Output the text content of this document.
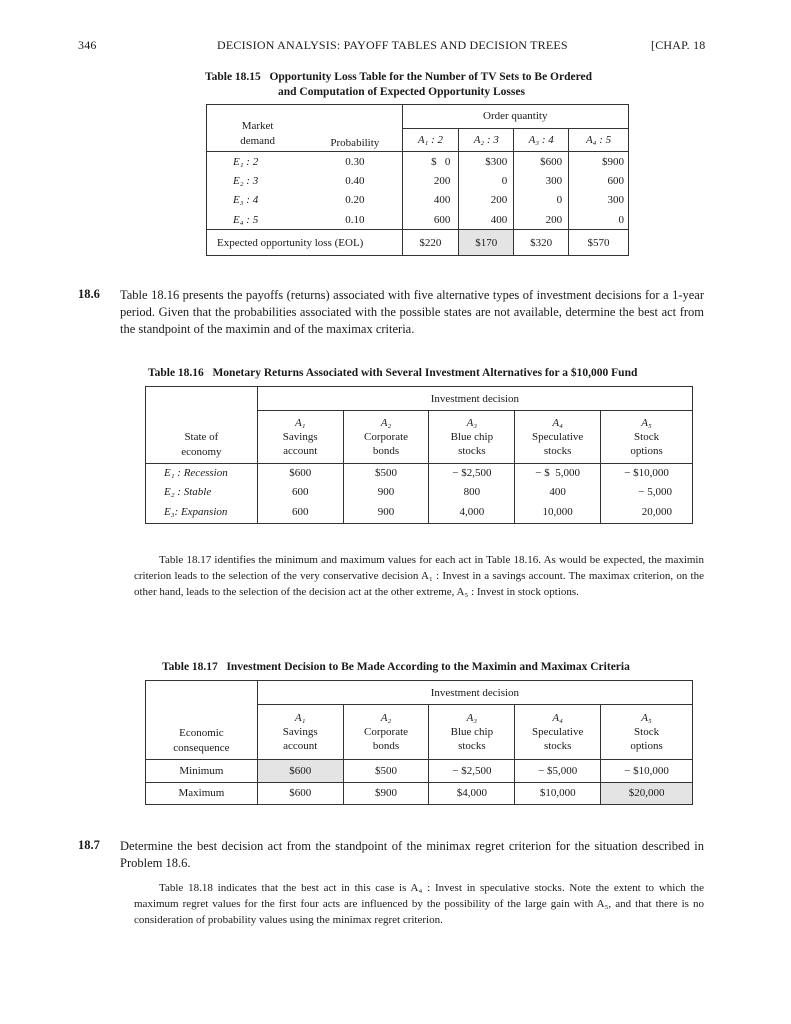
346	DECISION ANALYSIS: PAYOFF TABLES AND DECISION TREES	[CHAP. 18
Table 18.15 Opportunity Loss Table for the Number of TV Sets to Be Ordered
and Computation of Expected Opportunity Losses
Market
demand	Probability	Order quantity			
		A₁ : 2	A₂ : 3	A₃ : 4	A₄ : 5
E₁ : 2	0.30	$   0	$300	$600	$900
E₂ : 3	0.40	200	0	300	600
E₃ : 4	0.20	400	200	0	300
E₄ : 5	0.10	600	400	200	0
Expected opportunity loss (EOL)		$220	$170	$320	$570
18.6 Table 18.16 presents the payoffs (returns) associated with five alternative types of investment decisions for a 1-year period. Given that the probabilities associated with the possible states are not available, determine the best act from the standpoint of the maximin and of the maximax criteria.
Table 18.16 Monetary Returns Associated with Several Investment Alternatives for a $10,000 Fund
State of
economy	Investment decision				
	A₁
Savings
account	A₂
Corporate
bonds	A₃
Blue chip
stocks	A₄
Speculative
stocks	A₅
Stock
options
E₁ : Recession	$600	$500	− $2,500	− $  5,000	− $10,000
E₂ : Stable	600	900	800	400	− 5,000
E₃: Expansion	600	900	4,000	10,000	20,000
Table 18.17 identifies the minimum and maximum values for each act in Table 18.16. As would be expected, the maximin criterion leads to the selection of the very conservative decision A₁ : Invest in a savings account. The maximax criterion, on the other hand, leads to the selection of the decision act at the other extreme, A₅ : Invest in stock options.
Table 18.17 Investment Decision to Be Made According to the Maximin and Maximax Criteria
Economic
consequence	Investment decision				
	A₁
Savings
account	A₂
Corporate
bonds	A₃
Blue chip
stocks	A₄
Speculative
stocks	A₅
Stock
options
Minimum	$600	$500	− $2,500	− $5,000	− $10,000
Maximum	$600	$900	$4,000	$10,000	$20,000
18.7 Determine the best decision act from the standpoint of the minimax regret criterion for the situation described in Problem 18.6.
Table 18.18 indicates that the best act in this case is A₄ : Invest in speculative stocks. Note the extent to which the maximum regret values for the first four acts are influenced by the possibility of the large gain with A₅, and that there is no consideration of probability values using the minimax regret criterion.
